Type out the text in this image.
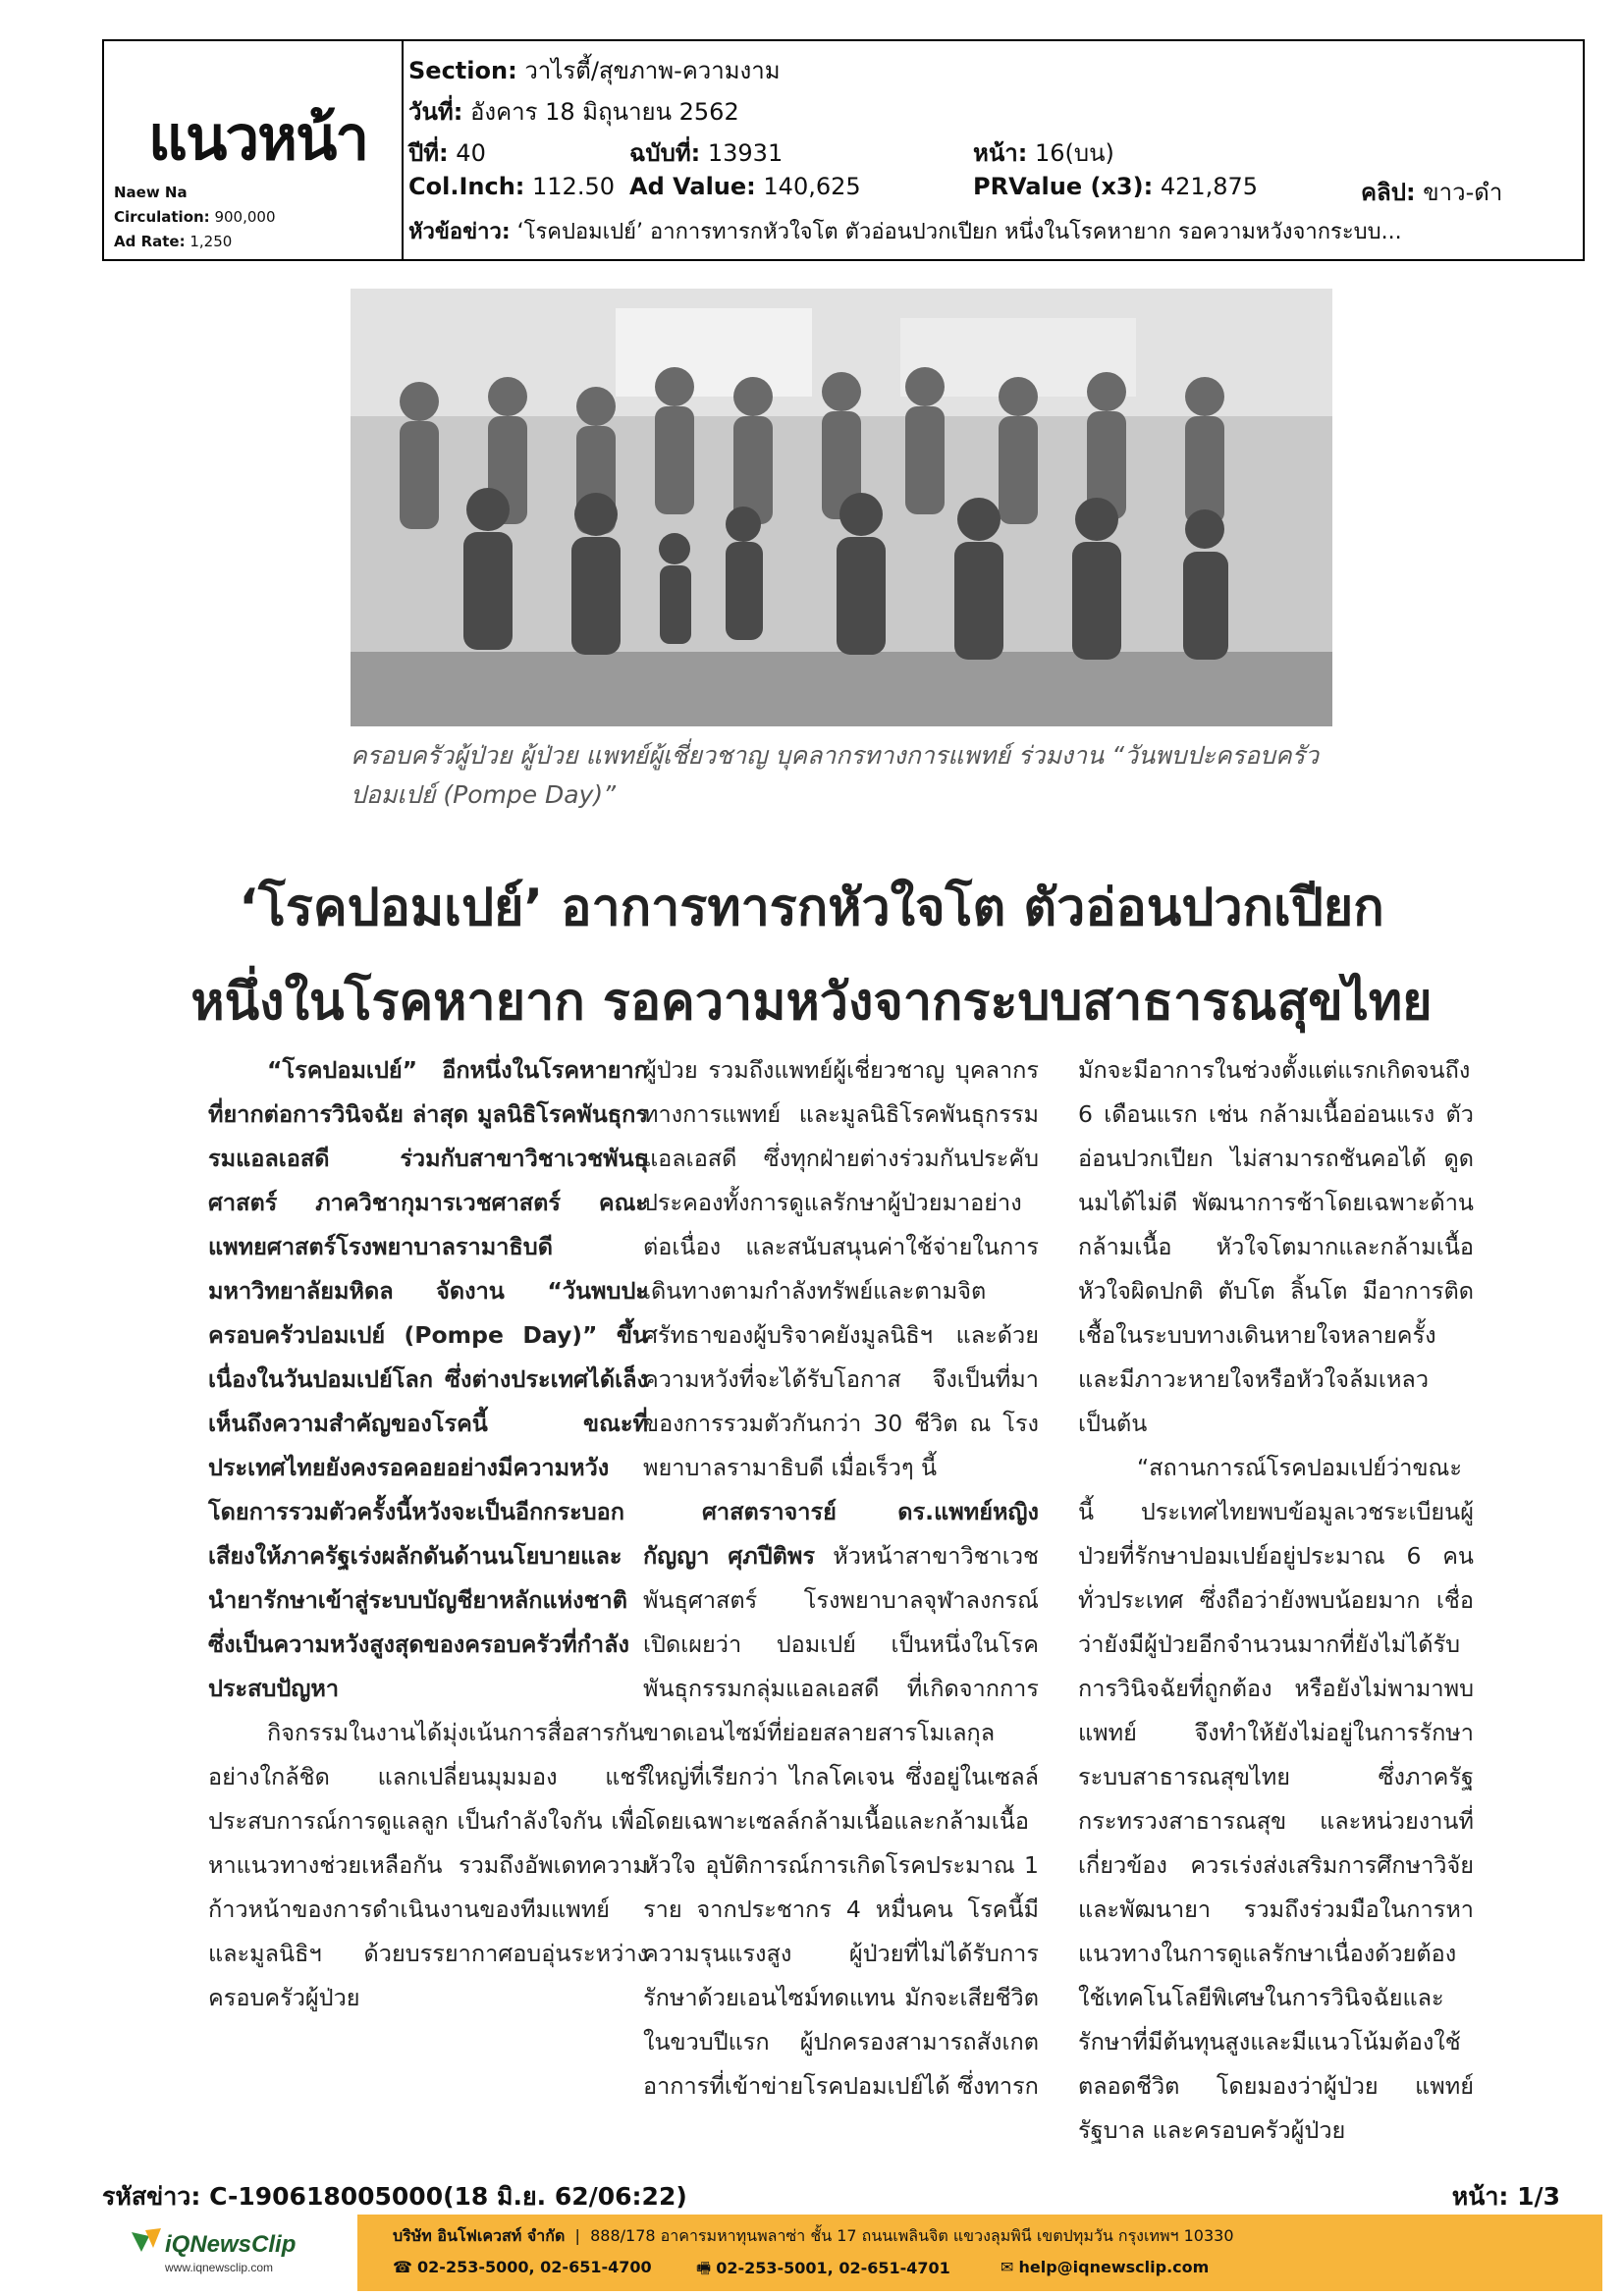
แนวหน้า
Naew Na
Circulation: 900,000
Ad Rate: 1,250
Section: วาไรตี้/สุขภาพ-ความงาม
วันที่: อังคาร 18 มิถุนายน 2562
ปีที่: 40	ฉบับที่: 13931	หน้า: 16(บน)
Col.Inch: 112.50 Ad Value: 140,625	PRValue (x3): 421,875	คลิป: ขาว-ดำ
หัวข้อข่าว: ‘โรคปอมเปย์’ อาการทารกหัวใจโต ตัวอ่อนปวกเปียก หนึ่งในโรคหายาก รอความหวังจากระบบ...
ครอบครัวผู้ป่วย ผู้ป่วย แพทย์ผู้เชี่ยวชาญ บุคลากรทางการแพทย์ ร่วมงาน “วันพบปะครอบครัวปอมเปย์ (Pompe Day)”
‘โรคปอมเปย์’ อาการทารกหัวใจโต ตัวอ่อนปวกเปียก
หนึ่งในโรคหายาก รอความหวังจากระบบสาธารณสุขไทย

“โรคปอมเปย์” อีกหนึ่งในโรคหายาก ที่ยากต่อการวินิจฉัย ล่าสุด มูลนิธิโรคพันธุกรรมแอลเอสดี ร่วมกับสาขาวิชาเวชพันธุศาสตร์ ภาควิชากุมารเวชศาสตร์ คณะแพทยศาสตร์โรงพยาบาลรามาธิบดี มหาวิทยาลัยมหิดล จัดงาน “วันพบปะครอบครัวปอมเปย์ (Pompe Day)” ขึ้น เนื่องในวันปอมเปย์โลก ซึ่งต่างประเทศได้เล็งเห็นถึงความสำคัญของโรคนี้ ขณะที่ประเทศไทยยังคงรอคอยอย่างมีความหวัง โดยการรวมตัวครั้งนี้หวังจะเป็นอีกกระบอกเสียงให้ภาครัฐเร่งผลักดันด้านนโยบายและนำยารักษาเข้าสู่ระบบบัญชียาหลักแห่งชาติ ซึ่งเป็นความหวังสูงสุดของครอบครัวที่กำลังประสบปัญหา

กิจกรรมในงานได้มุ่งเน้นการสื่อสารกันอย่างใกล้ชิด แลกเปลี่ยนมุมมอง แชร์ประสบการณ์การดูแลลูก เป็นกำลังใจกัน เพื่อหาแนวทางช่วยเหลือกัน รวมถึงอัพเดทความก้าวหน้าของการดำเนินงานของทีมแพทย์ และมูลนิธิฯ ด้วยบรรยากาศอบอุ่นระหว่างครอบครัวผู้ป่วย

ผู้ป่วย รวมถึงแพทย์ผู้เชี่ยวชาญ บุคลากรทางการแพทย์ และมูลนิธิโรคพันธุกรรมแอลเอสดี ซึ่งทุกฝ่ายต่างร่วมกันประคับประคองทั้งการดูแลรักษาผู้ป่วยมาอย่างต่อเนื่อง และสนับสนุนค่าใช้จ่ายในการเดินทางตามกำลังทรัพย์และตามจิตศรัทธาของผู้บริจาคยังมูลนิธิฯ และด้วยความหวังที่จะได้รับโอกาส จึงเป็นที่มาของการรวมตัวกันกว่า 30 ชีวิต ณ โรงพยาบาลรามาธิบดี เมื่อเร็วๆ นี้

ศาสตราจารย์ ดร.แพทย์หญิงกัญญา ศุภปีติพร หัวหน้าสาขาวิชาเวชพันธุศาสตร์ โรงพยาบาลจุฬาลงกรณ์ เปิดเผยว่า ปอมเปย์ เป็นหนึ่งในโรคพันธุกรรมกลุ่มแอลเอสดี ที่เกิดจากการขาดเอนไซม์ที่ย่อยสลายสารโมเลกุลใหญ่ที่เรียกว่า ไกลโคเจน ซึ่งอยู่ในเซลล์โดยเฉพาะเซลล์กล้ามเนื้อและกล้ามเนื้อหัวใจ อุบัติการณ์การเกิดโรคประมาณ 1 ราย จากประชากร 4 หมื่นคน โรคนี้มีความรุนแรงสูง ผู้ป่วยที่ไม่ได้รับการรักษาด้วยเอนไซม์ทดแทน มักจะเสียชีวิตในขวบปีแรก ผู้ปกครองสามารถสังเกตอาการที่เข้าข่ายโรคปอมเปย์ได้ ซึ่งทารก

มักจะมีอาการในช่วงตั้งแต่แรกเกิดจนถึง 6 เดือนแรก เช่น กล้ามเนื้ออ่อนแรง ตัวอ่อนปวกเปียก ไม่สามารถชันคอได้ ดูดนมได้ไม่ดี พัฒนาการช้าโดยเฉพาะด้านกล้ามเนื้อ หัวใจโตมากและกล้ามเนื้อหัวใจผิดปกติ ตับโต ลิ้นโต มีอาการติดเชื้อในระบบทางเดินหายใจหลายครั้ง และมีภาวะหายใจหรือหัวใจล้มเหลว เป็นต้น

“สถานการณ์โรคปอมเปย์ว่าขณะนี้ ประเทศไทยพบข้อมูลเวชระเบียนผู้ป่วยที่รักษาปอมเปย์อยู่ประมาณ 6 คน ทั่วประเทศ ซึ่งถือว่ายังพบน้อยมาก เชื่อว่ายังมีผู้ป่วยอีกจำนวนมากที่ยังไม่ได้รับการวินิจฉัยที่ถูกต้อง หรือยังไม่พามาพบแพทย์ จึงทำให้ยังไม่อยู่ในการรักษาระบบสาธารณสุขไทย ซึ่งภาครัฐกระทรวงสาธารณสุข และหน่วยงานที่เกี่ยวข้อง ควรเร่งส่งเสริมการศึกษาวิจัยและพัฒนายา รวมถึงร่วมมือในการหาแนวทางในการดูแลรักษาเนื่องด้วยต้องใช้เทคโนโลยีพิเศษในการวินิจฉัยและรักษาที่มีต้นทุนสูงและมีแนวโน้มต้องใช้ตลอดชีวิต โดยมองว่าผู้ป่วย แพทย์ รัฐบาล และครอบครัวผู้ป่วย

รหัสข่าว: C-190618005000(18 มิ.ย. 62/06:22)	หน้า: 1/3
iQNewsClip
www.iqnewsclip.com
บริษัท อินโฟเควสท์ จำกัด  |  888/178 อาคารมหาทุนพลาซ่า ชั้น 17 ถนนเพลินจิต แขวงลุมพินี เขตปทุมวัน กรุงเทพฯ 10330
☎ 02-253-5000, 02-651-4700	🖷 02-253-5001, 02-651-4701	✉ help@iqnewsclip.com
